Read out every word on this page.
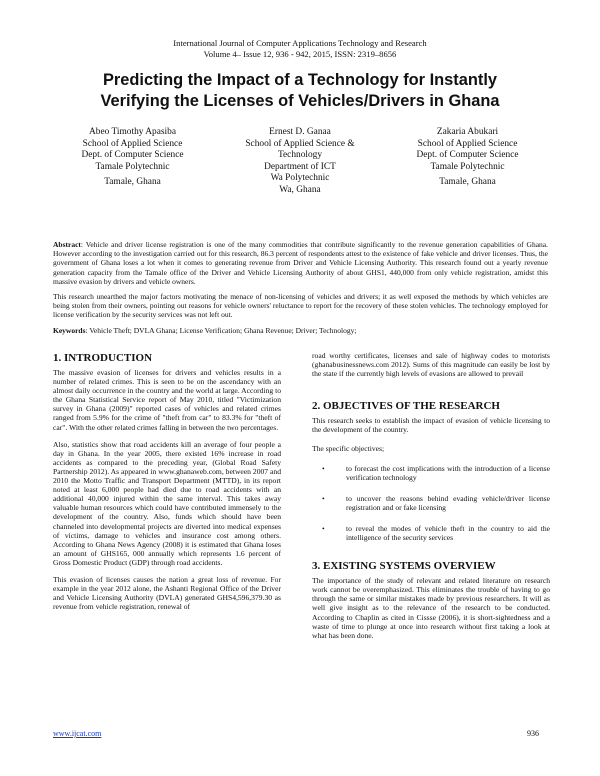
International Journal of Computer Applications Technology and Research
Volume 4– Issue 12, 936 - 942, 2015, ISSN: 2319–8656
Predicting the Impact of a Technology for Instantly
Verifying the Licenses of Vehicles/Drivers in Ghana
Abeo Timothy Apasiba
School of Applied Science
Dept. of Computer Science
Tamale Polytechnic
Tamale, Ghana
Ernest D. Ganaa
School of Applied Science &
Technology
Department of ICT
Wa Polytechnic
Wa, Ghana
Zakaria Abukari
School of Applied Science
Dept. of Computer Science
Tamale Polytechnic
Tamale, Ghana

Abstract: Vehicle and driver license registration is one of the many commodities that contribute significantly to the revenue generation capabilities of Ghana. However according to the investigation carried out for this research, 86.3 percent of respondents attest to the existence of fake vehicle and driver licenses. Thus, the government of Ghana loses a lot when it comes to generating revenue from Driver and Vehicle Licensing Authority. This research found out a yearly revenue generation capacity from the Tamale office of the Driver and Vehicle Licensing Authority of about GHS1, 440,000 from only vehicle registration, amidst this massive evasion by drivers and vehicle owners.

This research unearthed the major factors motivating the menace of non-licensing of vehicles and drivers; it as well exposed the methods by which vehicles are being stolen from their owners, pointing out reasons for vehicle owners' reluctance to report for the recovery of these stolen vehicles. The technology employed for license verification by the security services was not left out.

Keywords: Vehicle Theft; DVLA Ghana; License Verification; Ghana Revenue; Driver; Technology;

1. INTRODUCTION

The massive evasion of licenses for drivers and vehicles results in a number of related crimes. This is seen to be on the ascendancy with an almost daily occurrence in the country and the world at large. According to the Ghana Statistical Service report of May 2010, titled "Victimization survey in Ghana (2009)" reported cases of vehicles and related crimes ranged from 5.9% for the crime of "theft from car" to 83.3% for "theft of car". With the other related crimes falling in between the two percentages.

Also, statistics show that road accidents kill an average of four people a day in Ghana. In the year 2005, there existed 16% increase in road accidents as compared to the preceding year, (Global Road Safety Partnership 2012). As appeared in www.ghanaweb.com, between 2007 and 2010 the Motto Traffic and Transport Department (MTTD), in its report noted at least 6,000 people had died due to road accidents with an additional 40,000 injured within the same interval. This takes away valuable human resources which could have contributed immensely to the development of the country. Also, funds which should have been channeled into developmental projects are diverted into medical expenses of victims, damage to vehicles and insurance cost among others. According to Ghana News Agency (2008) it is estimated that Ghana loses an amount of GHS165, 000 annually which represents 1.6 percent of Gross Domestic Product (GDP) through road accidents.

This evasion of licenses causes the nation a great loss of revenue. For example in the year 2012 alone, the Ashanti Regional Office of the Driver and Vehicle Licensing Authority (DVLA) generated GHS4,596,379.30 as revenue from vehicle registration, renewal of

road worthy certificates, licenses and sale of highway codes to motorists (ghanabusinessnews.com 2012). Sums of this magnitude can easily be lost by the state if the currently high levels of evasions are allowed to prevail

2. OBJECTIVES OF THE RESEARCH

This research seeks to establish the impact of evasion of vehicle licensing to the development of the country.

The specific objectives;

•	to forecast the cost implications with the introduction of a license verification technology
•	to uncover the reasons behind evading vehicle/driver license registration and or fake licensing
•	to reveal the modes of vehicle theft in the country to aid the intelligence of the security services
3. EXISTING SYSTEMS OVERVIEW

The importance of the study of relevant and related literature on research work cannot be overemphasized. This eliminates the trouble of having to go through the same or similar mistakes made by previous researchers. It will as well give insight as to the relevance of the research to be conducted. According to Chaplin as cited in Cissse (2006), it is short-sightedness and a waste of time to plunge at once into research without first taking a look at what has been done.

www.ijcat.com	936
